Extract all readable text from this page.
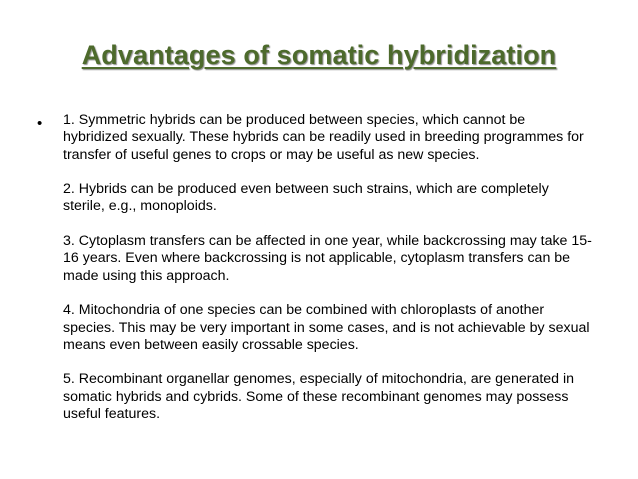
Advantages of somatic hybridization
• 1. Symmetric hybrids can be produced between species, which cannot be
hybridized sexually. These hybrids can be readily used in breeding programmes for
transfer of useful genes to crops or may be useful as new species.

2. Hybrids can be produced even between such strains, which are completely
sterile, e.g., monoploids.

3. Cytoplasm transfers can be affected in one year, while backcrossing may take 15-
16 years. Even where backcrossing is not applicable, cytoplasm transfers can be
made using this approach.

4. Mitochondria of one species can be combined with chloroplasts of another
species. This may be very important in some cases, and is not achievable by sexual
means even between easily crossable species.

5. Recombinant organellar genomes, especially of mitochondria, are generated in
somatic hybrids and cybrids. Some of these recombinant genomes may possess
useful features.
